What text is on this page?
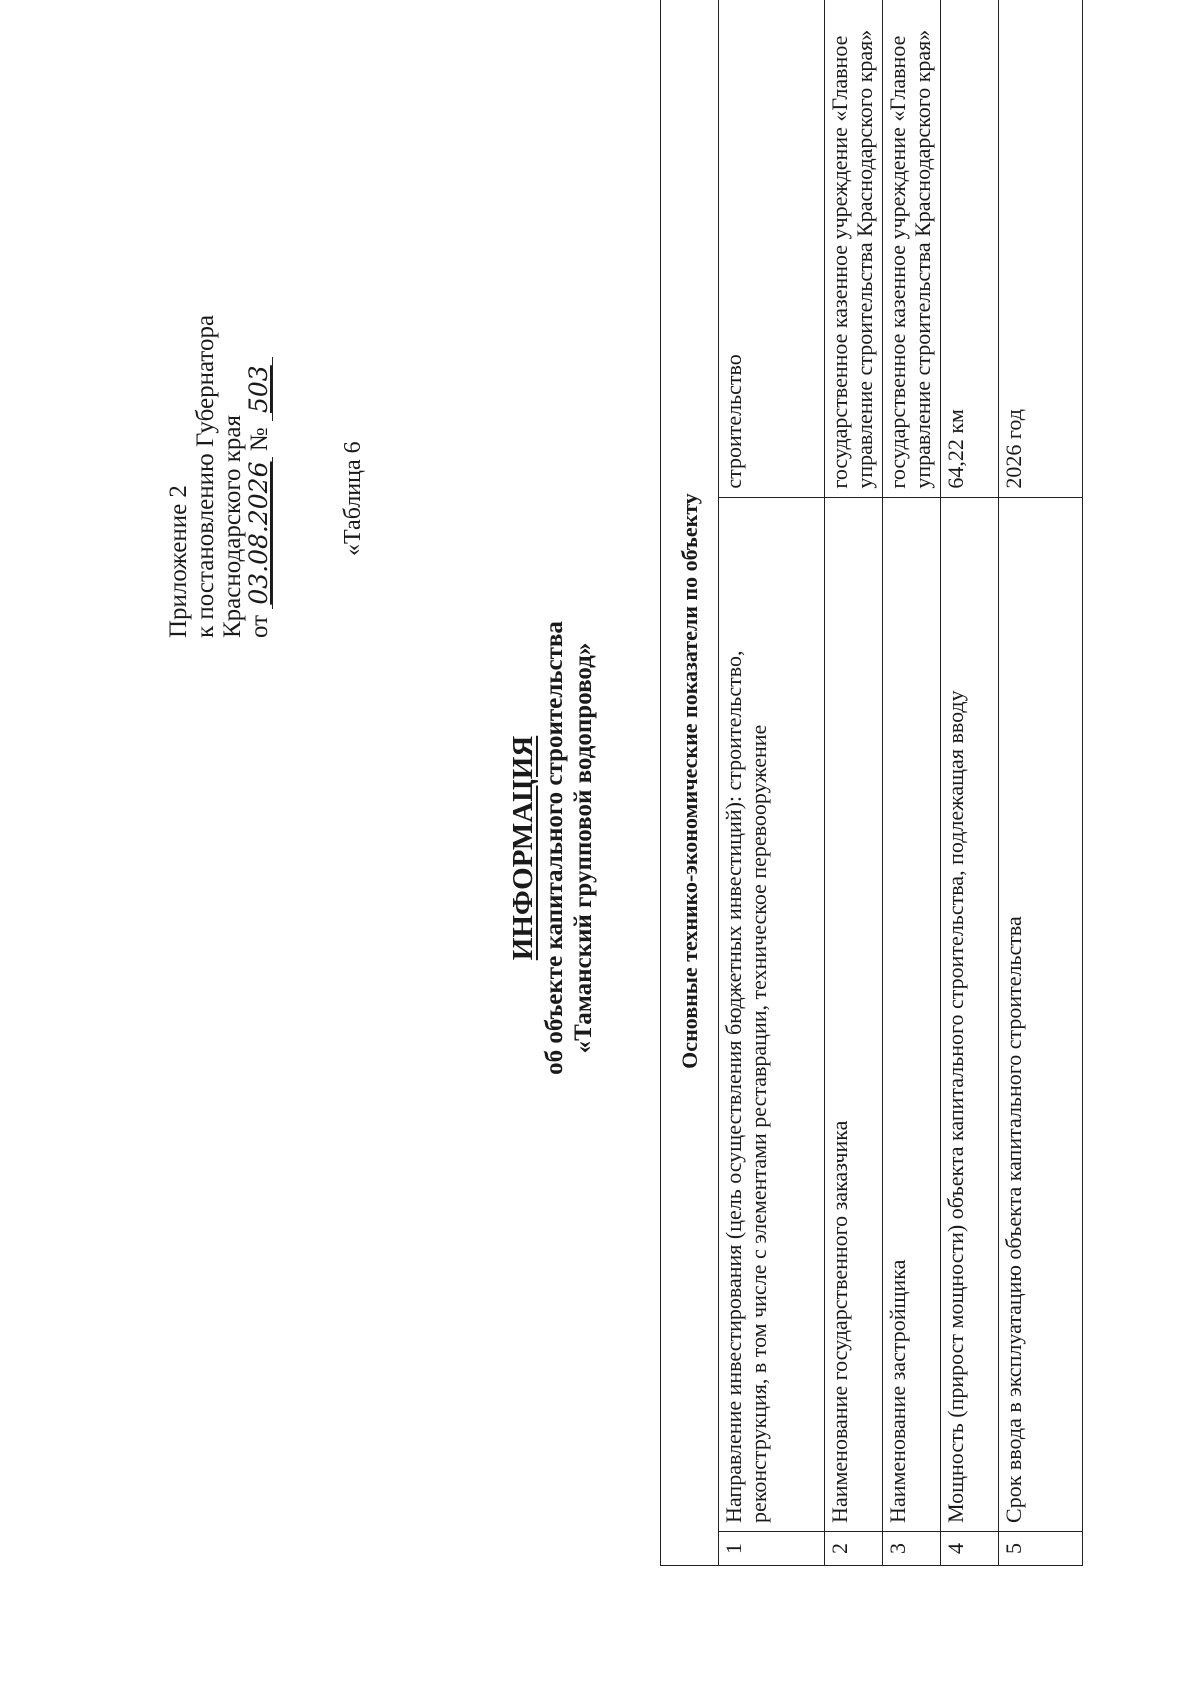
Приложение 2 к постановлению Губернатора Краснодарского края от 03.08.2026 № 503
«Таблица 6
ИНФОРМАЦИЯ об объекте капитального строительства «Таманский групповой водопровод»	Основные технико-экономические показатели по объекту		
1	Направление инвестирования (цель осуществления бюджетных инвестиций): строительство, реконструкция, в том числе с элементами реставрации, техническое перевооружение	строительство
2	Наименование государственного заказчика	государственное казенное учреждение «Главное управление строительства Краснодарского края»
3	Наименование застройщика	государственное казенное учреждение «Главное управление строительства Краснодарского края»
4	Мощность (прирост мощности) объекта капитального строительства, подлежащая вводу	64,22 км
5	Срок ввода в эксплуатацию объекта капитального строительства	2026 год
